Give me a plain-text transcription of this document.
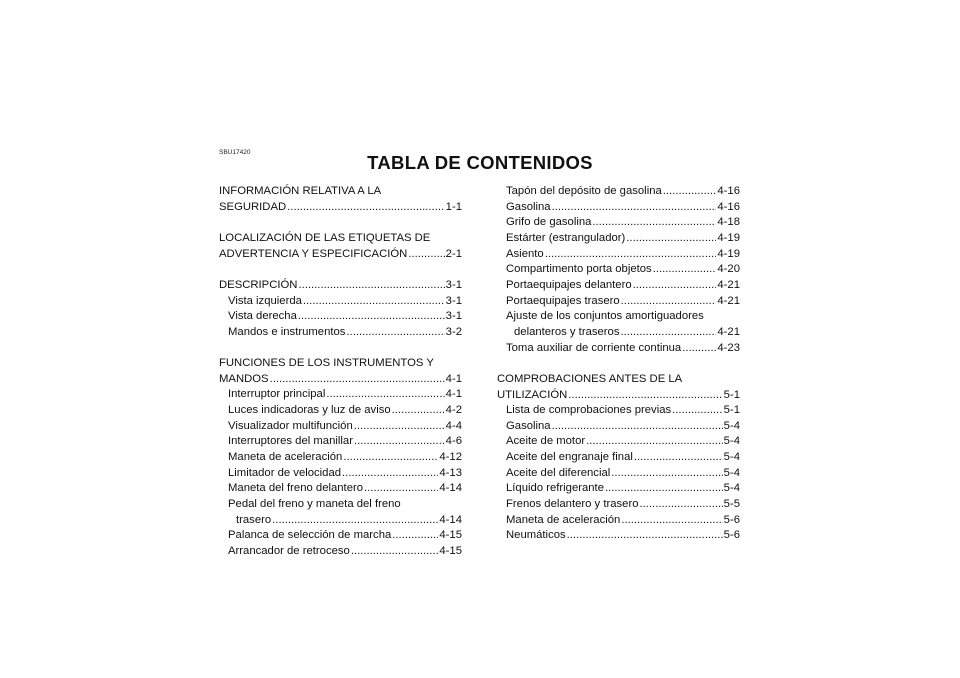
SBU17420	TABLA DE CONTENIDOS
INFORMACIÓN RELATIVA A LA
SEGURIDAD .....	1-1
LOCALIZACIÓN DE LAS ETIQUETAS DE
ADVERTENCIA Y ESPECIFICACIÓN .....	2-1
DESCRIPCIÓN .....	3-1
Vista izquierda .....	3-1
Vista derecha .....	3-1
Mandos e instrumentos .....	3-2
FUNCIONES DE LOS INSTRUMENTOS Y
MANDOS .....	4-1
Interruptor principal .....	4-1
Luces indicadoras y luz de aviso .....	4-2
Visualizador multifunción .....	4-4
Interruptores del manillar .....	4-6
Maneta de aceleración .....	4-12
Limitador de velocidad .....	4-13
Maneta del freno delantero .....	4-14
Pedal del freno y maneta del freno
trasero .....	4-14
Palanca de selección de marcha .....	4-15
Arrancador de retroceso .....	4-15
Tapón del depósito de gasolina .....	4-16
Gasolina .....	4-16
Grifo de gasolina .....	4-18
Estárter (estrangulador) .....	4-19
Asiento .....	4-19
Compartimento porta objetos .....	4-20
Portaequipajes delantero .....	4-21
Portaequipajes trasero .....	4-21
Ajuste de los conjuntos amortiguadores
delanteros y traseros .....	4-21
Toma auxiliar de corriente continua .....	4-23
COMPROBACIONES ANTES DE LA
UTILIZACIÓN .....	5-1
Lista de comprobaciones previas .....	5-1
Gasolina .....	5-4
Aceite de motor .....	5-4
Aceite del engranaje final .....	5-4
Aceite del diferencial .....	5-4
Líquido refrigerante .....	5-4
Frenos delantero y trasero .....	5-5
Maneta de aceleración .....	5-6
Neumáticos .....	5-6
